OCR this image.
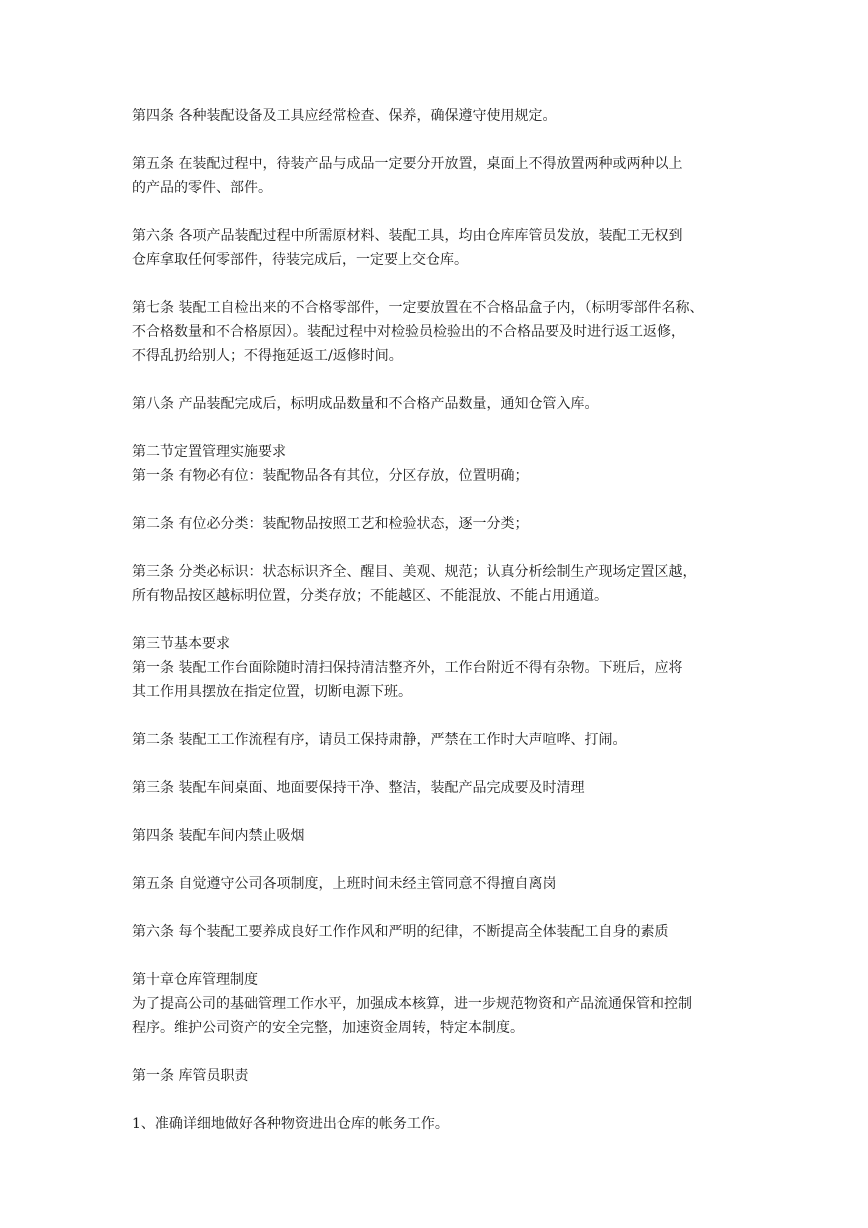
第四条 各种装配设备及工具应经常检查、保养，确保遵守使用规定。
第五条 在装配过程中，待装产品与成品一定要分开放置，桌面上不得放置两种或两种以上
的产品的零件、部件。
第六条 各项产品装配过程中所需原材料、装配工具，均由仓库库管员发放，装配工无权到
仓库拿取任何零部件，待装完成后，一定要上交仓库。
第七条 装配工自检出来的不合格零部件，一定要放置在不合格品盒子内，（标明零部件名称、
不合格数量和不合格原因）。装配过程中对检验员检验出的不合格品要及时进行返工返修，
不得乱扔给别人；不得拖延返工/返修时间。
第八条 产品装配完成后，标明成品数量和不合格产品数量，通知仓管入库。
第二节定置管理实施要求
第一条 有物必有位：装配物品各有其位，分区存放，位置明确；
第二条 有位必分类：装配物品按照工艺和检验状态，逐一分类；
第三条 分类必标识：状态标识齐全、醒目、美观、规范；认真分析绘制生产现场定置区越，
所有物品按区越标明位置，分类存放；不能越区、不能混放、不能占用通道。
第三节基本要求
第一条 装配工作台面除随时清扫保持清洁整齐外，工作台附近不得有杂物。下班后，应将
其工作用具摆放在指定位置，切断电源下班。
第二条 装配工工作流程有序，请员工保持肃静，严禁在工作时大声喧哗、打闹。
第三条 装配车间桌面、地面要保持干净、整洁，装配产品完成要及时清理
第四条 装配车间内禁止吸烟
第五条 自觉遵守公司各项制度，上班时间未经主管同意不得擅自离岗
第六条 每个装配工要养成良好工作作风和严明的纪律，不断提高全体装配工自身的素质
第十章仓库管理制度
为了提高公司的基础管理工作水平，加强成本核算，进一步规范物资和产品流通保管和控制
程序。维护公司资产的安全完整，加速资金周转，特定本制度。
第一条 库管员职责
1、准确详细地做好各种物资进出仓库的帐务工作。
